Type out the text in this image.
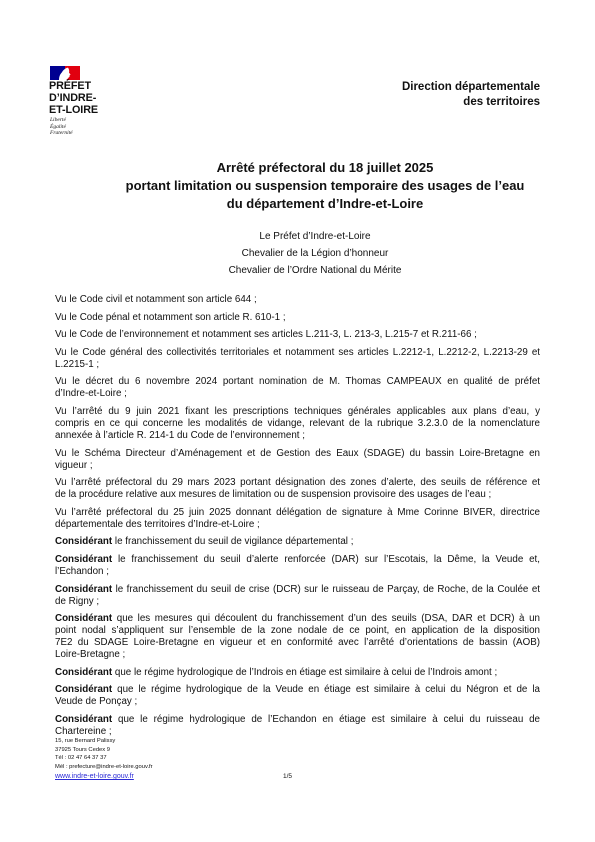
PRÉFET
D’INDRE-
ET-LOIRE
Liberté
Égalité
Fraternité
Direction départementale
des territoires
Arrêté préfectoral du 18 juillet 2025
portant limitation ou suspension temporaire des usages de l’eau
du département d’Indre-et-Loire
Le Préfet d’Indre-et-Loire
Chevalier de la Légion d’honneur
Chevalier de l’Ordre National du Mérite
Vu le Code civil et notamment son article 644 ;
Vu le Code pénal et notamment son article R. 610-1 ;
Vu le Code de l’environnement et notamment ses articles L.211-3, L. 213-3, L.215-7 et R.211-66 ;
Vu le Code général des collectivités territoriales et notamment ses articles L.2212-1, L.2212-2, L.2213-29 et
L.2215-1 ;
Vu le décret du 6 novembre 2024 portant nomination de M. Thomas CAMPEAUX en qualité de préfet
d’Indre-et-Loire ;
Vu l’arrêté du 9 juin 2021 fixant les prescriptions techniques générales applicables aux plans d’eau, y
compris en ce qui concerne les modalités de vidange, relevant de la rubrique 3.2.3.0 de la nomenclature
annexée à l’article R. 214-1 du Code de l’environnement ;
Vu le Schéma Directeur d’Aménagement et de Gestion des Eaux (SDAGE) du bassin Loire-Bretagne en
vigueur ;
Vu l’arrêté préfectoral du 29 mars 2023 portant désignation des zones d’alerte, des seuils de référence et
de la procédure relative aux mesures de limitation ou de suspension provisoire des usages de l’eau ;
Vu l’arrêté préfectoral du 25 juin 2025 donnant délégation de signature à Mme Corinne BIVER, directrice
départementale des territoires d’Indre-et-Loire ;
Considérant le franchissement du seuil de vigilance départemental ;
Considérant le franchissement du seuil d’alerte renforcée (DAR) sur l’Escotais, la Dême, la Veude et,
l’Echandon ;
Considérant le franchissement du seuil de crise (DCR) sur le ruisseau de Parçay, de Roche, de la Coulée et
de Rigny ;
Considérant que les mesures qui découlent du franchissement d’un des seuils (DSA, DAR et DCR) à un
point nodal s’appliquent sur l’ensemble de la zone nodale de ce point, en application de la disposition
7E2 du SDAGE Loire-Bretagne en vigueur et en conformité avec l’arrêté d’orientations de bassin (AOB)
Loire-Bretagne ;
Considérant que le régime hydrologique de l’Indrois en étiage est similaire à celui de l’Indrois amont ;
Considérant que le régime hydrologique de la Veude en étiage est similaire à celui du Négron et de la
Veude de Ponçay ;
Considérant que le régime hydrologique de l’Echandon en étiage est similaire à celui du ruisseau de
Chartereine ;
15, rue Bernard Palissy
37925 Tours Cedex 9
Tél : 02 47 64 37 37
Mél : prefecture@indre-et-loire.gouv.fr
www.indre-et-loire.gouv.fr	1/5
